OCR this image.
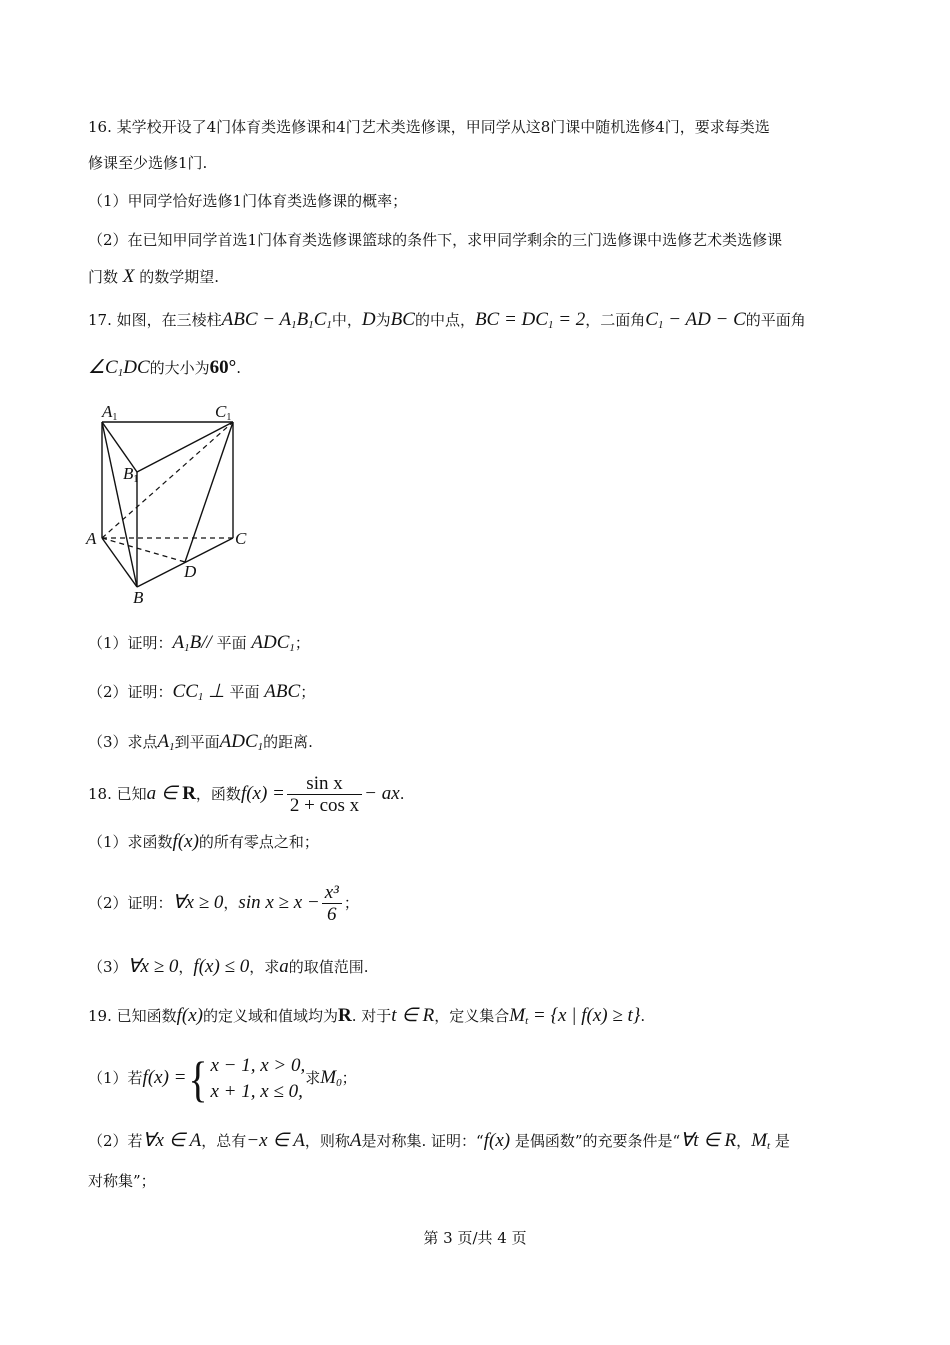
16. 某学校开设了4门体育类选修课和4门艺术类选修课，甲同学从这8门课中随机选修4门，要求每类选
修课至少选修1门.
（1）甲同学恰好选修1门体育类选修课的概率；
（2）在已知甲同学首选1门体育类选修课篮球的条件下，求甲同学剩余的三门选修课中选修艺术类选修课
门数 X 的数学期望.
17. 如图，在三棱柱ABC − $A_1B_1C_1$中，D为BC的中点，BC = $DC_1 = 2$，二面角$C_1$ − AD − C的平面角
$\angle C_1DC$的大小为60°.
A1	C1
B1
A	C
D
B
（1）证明：$A_1B//$ 平面 $ADC_1$；
（2）证明：$CC_1$ ⊥ 平面 ABC；
（3）求点$A_1$到平面$ADC_1$的距离.
18. 已知a ∈ R，函数$f(x) = \frac{\text{sin x}}{\text{2 + cos x}}$ − ax.
（1）求函数f(x)的所有零点之和；
（2）证明：∀x ≥ 0，$\sin x \ge x - \frac{\text{x³}}{6}$ ；
（3）∀x ≥ 0，f(x) ≤ 0，求a的取值范围.
19. 已知函数f(x)的定义域和值域均为R. 对于t ∈ R，定义集合$M_t = \{x$ | f(x) ≥ t}.
（1）若f(x) ={ x − 1, x > 0,
x + 1, x ≤ 0,
求$M_0$；
（2）若∀x ∈ A，总有−x ∈ A，则称A是对称集. 证明：“f(x) 是偶函数”的充要条件是“∀t ∈ R，$M_t$ 是
对称集”；
第 3 页/共 4 页
